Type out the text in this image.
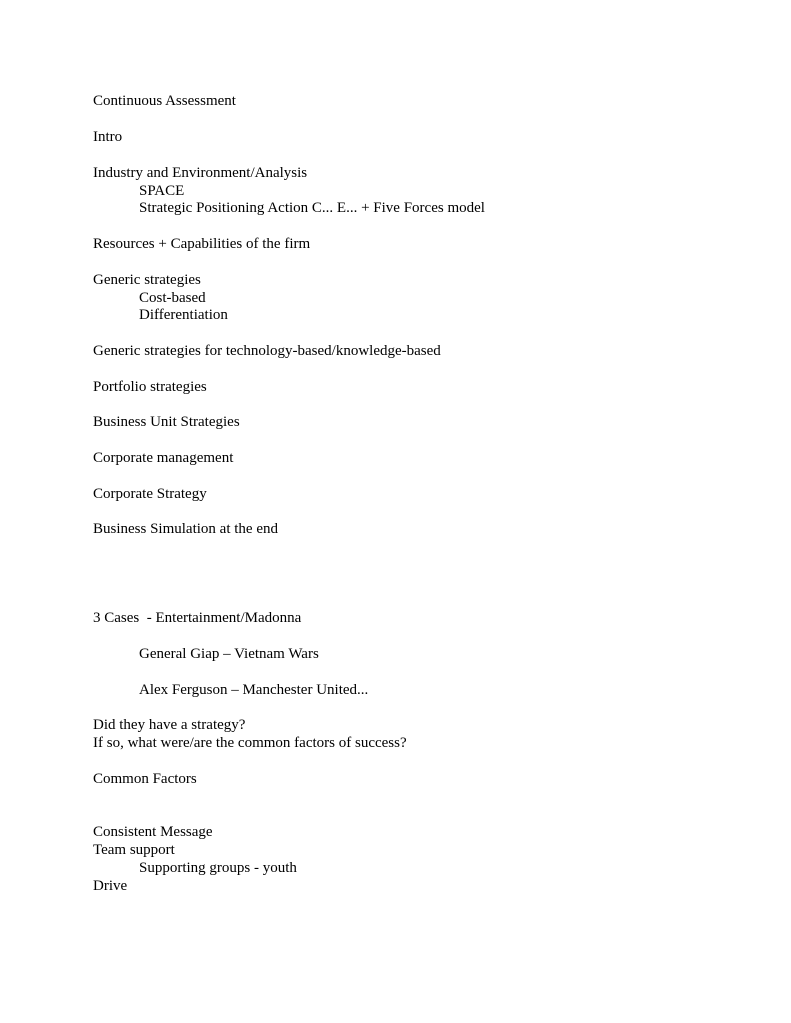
Continuous Assessment
Intro
Industry and Environment/Analysis
SPACE
Strategic Positioning Action C... E... + Five Forces model
Resources + Capabilities of the firm
Generic strategies
Cost-based
Differentiation
Generic strategies for technology-based/knowledge-based
Portfolio strategies
Business Unit Strategies
Corporate management
Corporate Strategy
Business Simulation at the end
3 Cases  - Entertainment/Madonna
General Giap – Vietnam Wars
Alex Ferguson – Manchester United...
Did they have a strategy?
If so, what were/are the common factors of success?
Common Factors
Consistent Message
Team support
Supporting groups - youth
Drive
